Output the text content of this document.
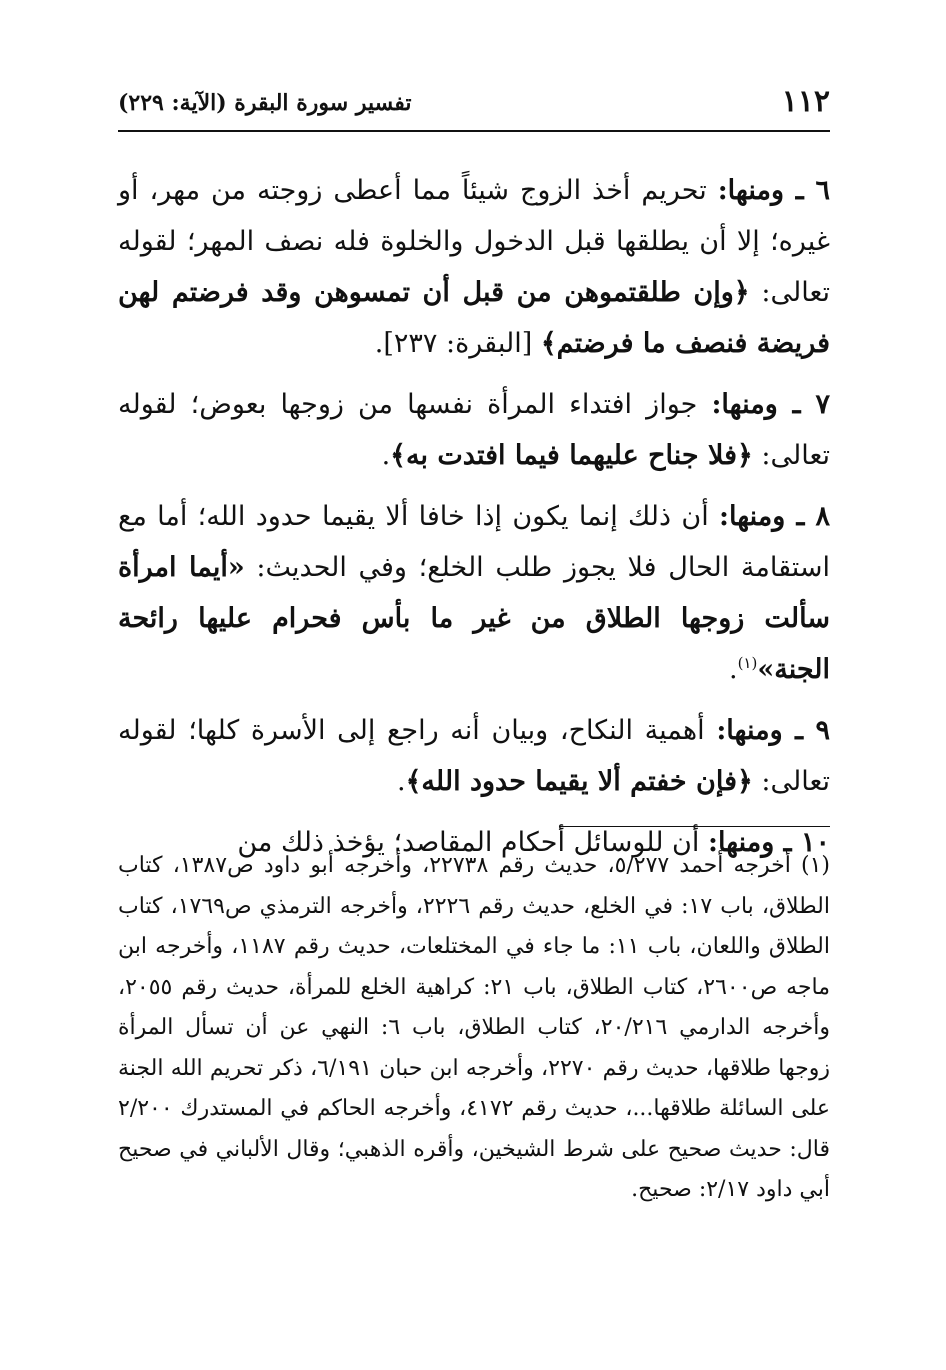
١١٢
تفسير سورة البقرة (الآية: ٢٢٩)

٦ ـ ومنها: تحريم أخذ الزوج شيئاً مما أعطى زوجته من مهر، أو غيره؛ إلا أن يطلقها قبل الدخول والخلوة فله نصف المهر؛ لقوله تعالى: ﴿وإن طلقتموهن من قبل أن تمسوهن وقد فرضتم لهن فريضة فنصف ما فرضتم﴾ [البقرة: ٢٣٧].

٧ ـ ومنها: جواز افتداء المرأة نفسها من زوجها بعوض؛ لقوله تعالى: ﴿فلا جناح عليهما فيما افتدت به﴾.

٨ ـ ومنها: أن ذلك إنما يكون إذا خافا ألا يقيما حدود الله؛ أما مع استقامة الحال فلا يجوز طلب الخلع؛ وفي الحديث: «أيما امرأة سألت زوجها الطلاق من غير ما بأس فحرام عليها رائحة الجنة»$^{(١)}$.

٩ ـ ومنها: أهمية النكاح، وبيان أنه راجع إلى الأسرة كلها؛ لقوله تعالى: ﴿فإن خفتم ألا يقيما حدود الله﴾.

١٠ ـ ومنها: أن للوسائل أحكام المقاصد؛ يؤخذ ذلك من

(١) أخرجه أحمد ٥/٢٧٧، حديث رقم ٢٢٧٣٨، وأخرجه أبو داود ص١٣٨٧، كتاب الطلاق، باب ١٧: في الخلع، حديث رقم ٢٢٢٦، وأخرجه الترمذي ص١٧٦٩، كتاب الطلاق واللعان، باب ١١: ما جاء في المختلعات، حديث رقم ١١٨٧، وأخرجه ابن ماجه ص٢٦٠٠، كتاب الطلاق، باب ٢١: كراهية الخلع للمرأة، حديث رقم ٢٠٥٥، وأخرجه الدارمي ٢٠/٢١٦، كتاب الطلاق، باب ٦: النهي عن أن تسأل المرأة زوجها طلاقها، حديث رقم ٢٢٧٠، وأخرجه ابن حبان ٦/١٩١، ذكر تحريم الله الجنة على السائلة طلاقها...، حديث رقم ٤١٧٢، وأخرجه الحاكم في المستدرك ٢/٢٠٠ قال: حديث صحيح على شرط الشيخين، وأقره الذهبي؛ وقال الألباني في صحيح أبي داود ٢/١٧: صحيح.
